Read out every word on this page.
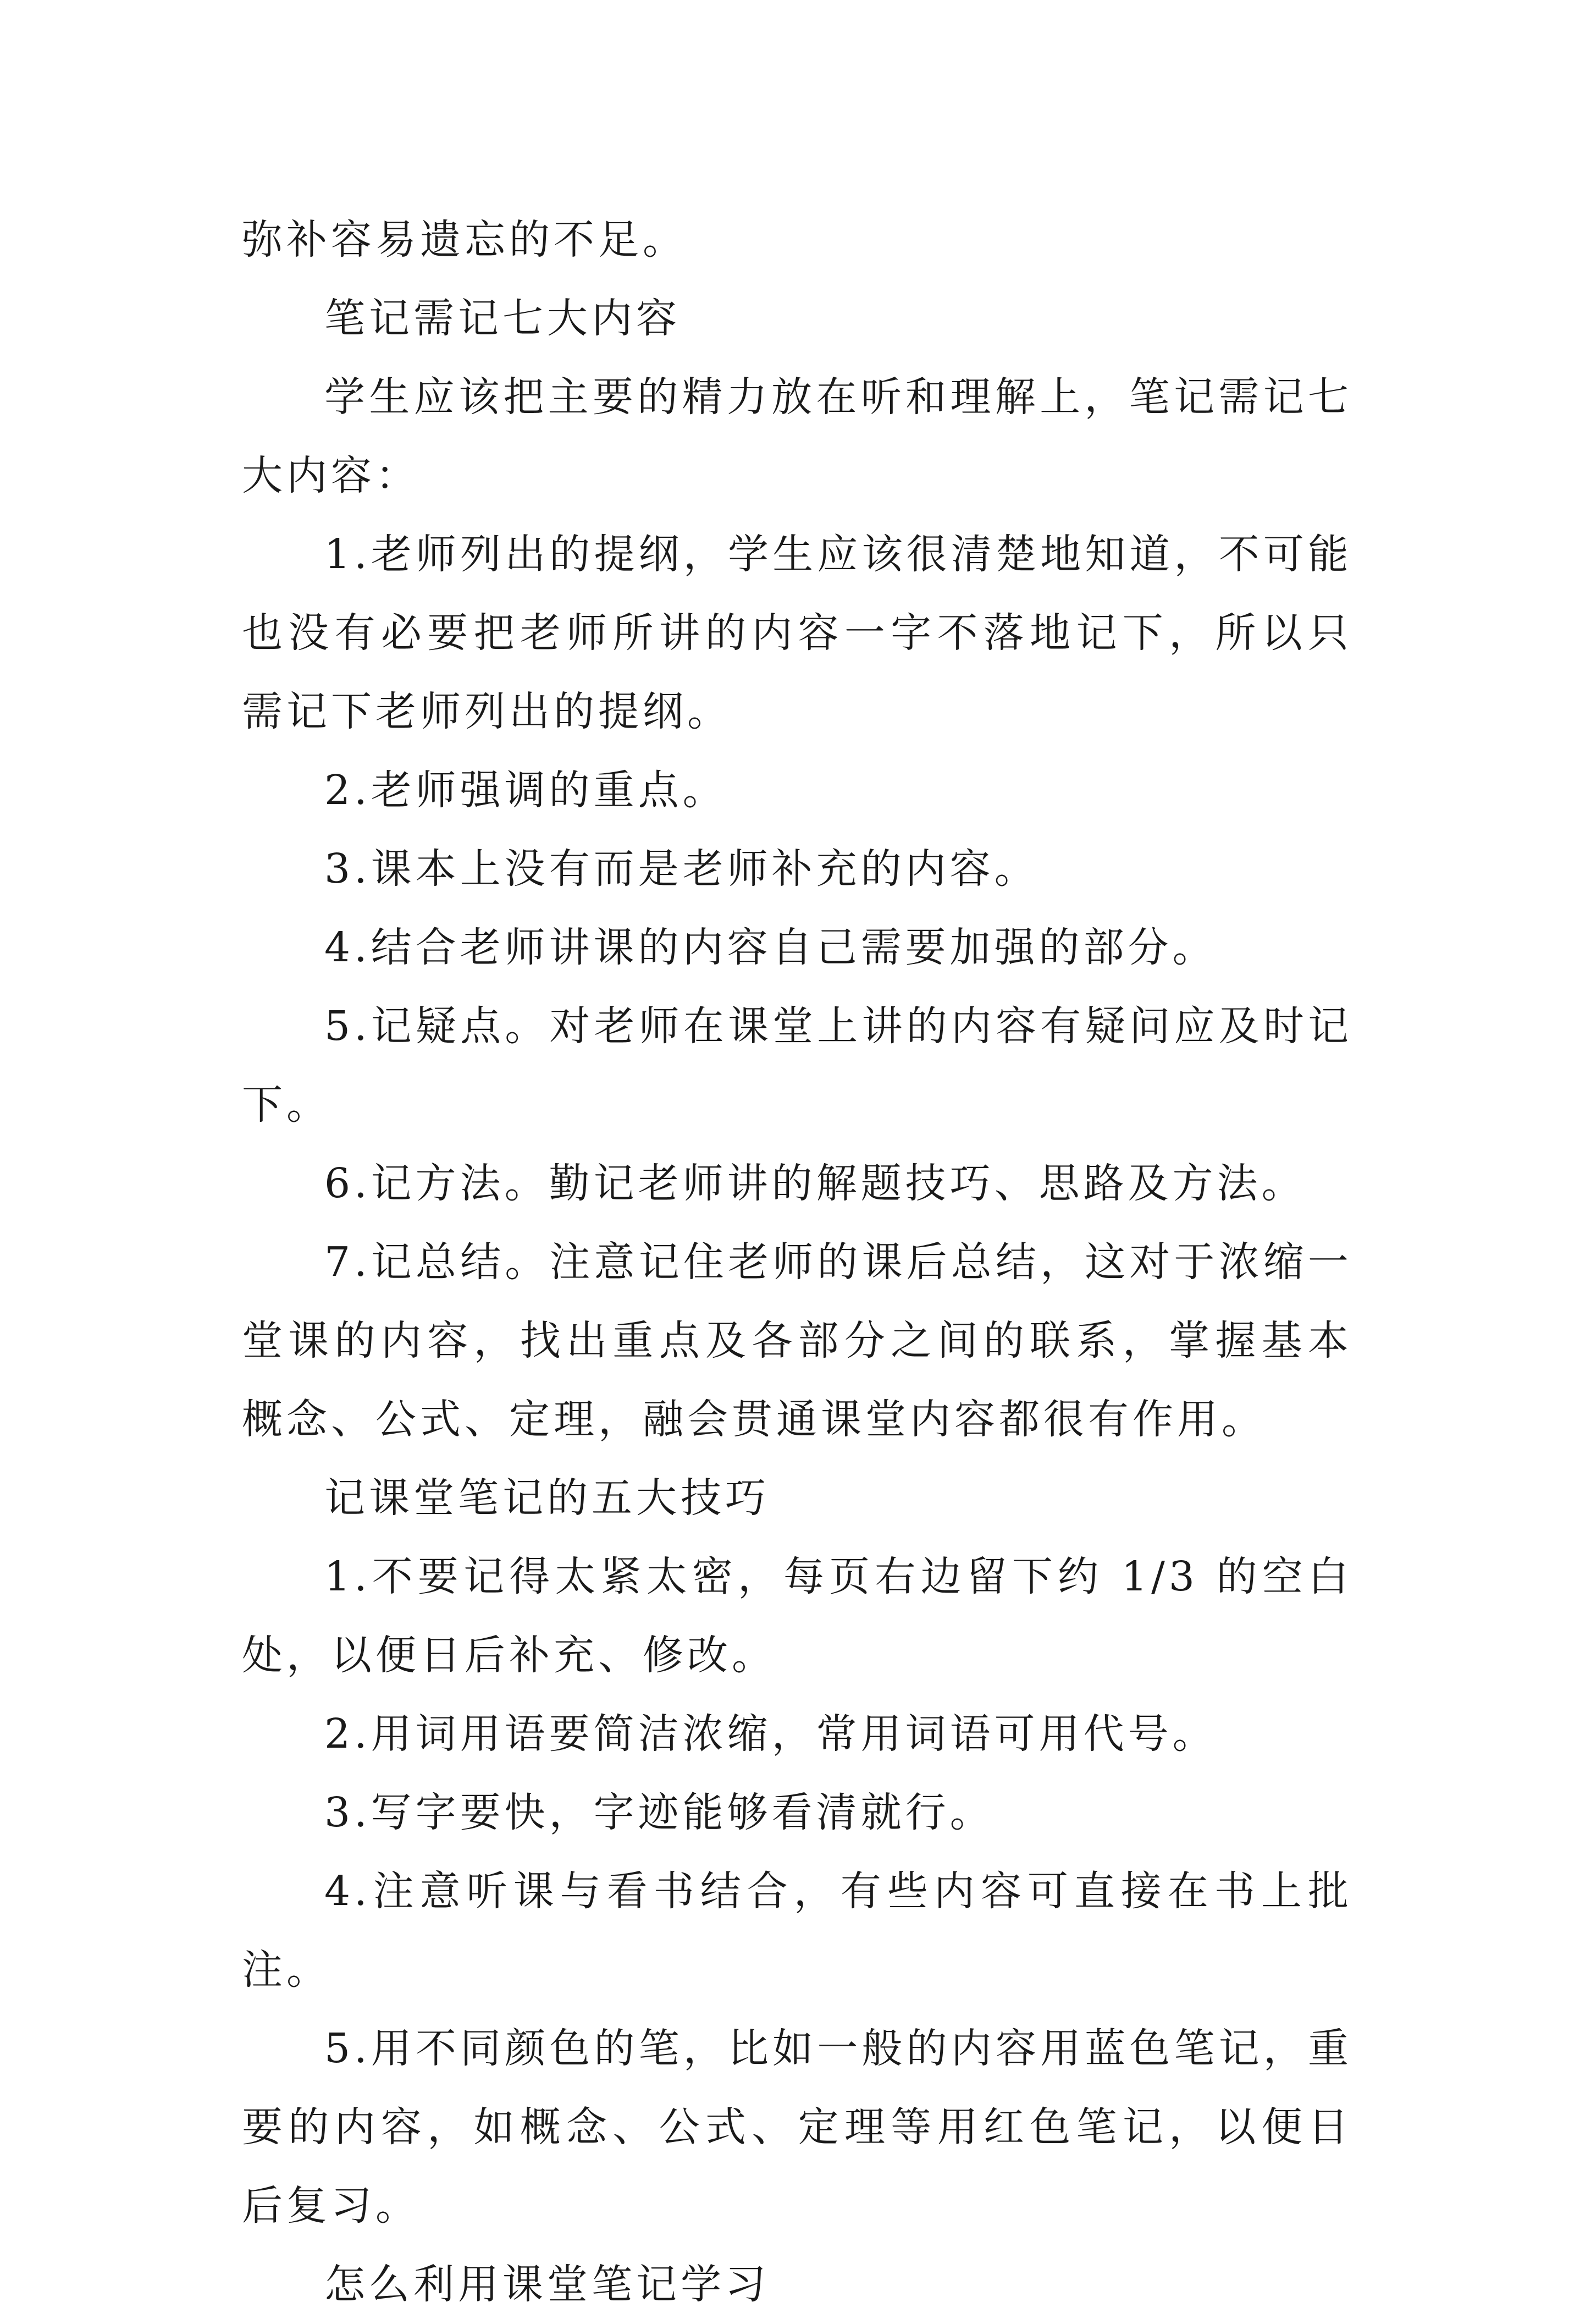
弥补容易遗忘的不足。

笔记需记七大内容

学生应该把主要的精力放在听和理解上，笔记需记七大内容：

1.老师列出的提纲，学生应该很清楚地知道，不可能也没有必要把老师所讲的内容一字不落地记下，所以只需记下老师列出的提纲。

2.老师强调的重点。

3.课本上没有而是老师补充的内容。

4.结合老师讲课的内容自己需要加强的部分。

5.记疑点。对老师在课堂上讲的内容有疑问应及时记下。

6.记方法。勤记老师讲的解题技巧、思路及方法。

7.记总结。注意记住老师的课后总结，这对于浓缩一堂课的内容，找出重点及各部分之间的联系，掌握基本概念、公式、定理，融会贯通课堂内容都很有作用。

记课堂笔记的五大技巧

1.不要记得太紧太密，每页右边留下约 1/3 的空白处，以便日后补充、修改。

2.用词用语要简洁浓缩，常用词语可用代号。

3.写字要快，字迹能够看清就行。

4.注意听课与看书结合，有些内容可直接在书上批注。

5.用不同颜色的笔，比如一般的内容用蓝色笔记，重要的内容，如概念、公式、定理等用红色笔记，以便日后复习。

怎么利用课堂笔记学习
